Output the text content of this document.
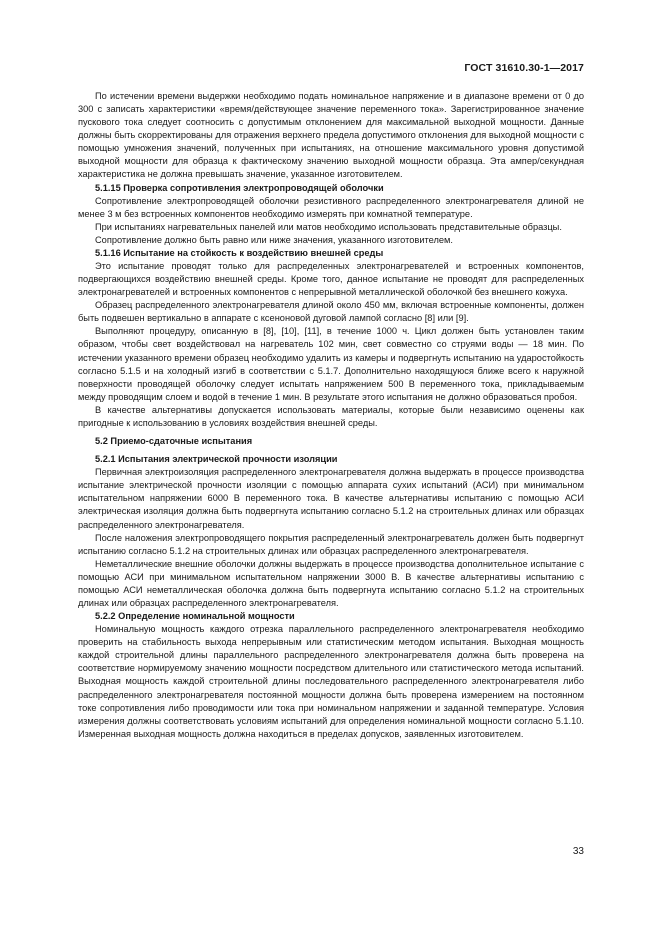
ГОСТ 31610.30-1—2017

По истечении времени выдержки необходимо подать номинальное напряжение и в диапазоне времени от 0 до 300 с записать характеристики «время/действующее значение переменного тока». Зарегистрированное значение пускового тока следует соотносить с допустимым отклонением для максимальной выходной мощности. Данные должны быть скорректированы для отражения верхнего предела допустимого отклонения для выходной мощности с помощью умножения значений, полученных при испытаниях, на отношение максимального уровня допустимой выходной мощности для образца к фактическому значению выходной мощности образца. Эта ампер/секундная характеристика не должна превышать значение, указанное изготовителем.

5.1.15 Проверка сопротивления электропроводящей оболочки

Сопротивление электропроводящей оболочки резистивного распределенного электронагревателя длиной не менее 3 м без встроенных компонентов необходимо измерять при комнатной температуре.

При испытаниях нагревательных панелей или матов необходимо использовать представительные образцы.

Сопротивление должно быть равно или ниже значения, указанного изготовителем.

5.1.16 Испытание на стойкость к воздействию внешней среды

Это испытание проводят только для распределенных электронагревателей и встроенных компонентов, подвергающихся воздействию внешней среды. Кроме того, данное испытание не проводят для распределенных электронагревателей и встроенных компонентов с непрерывной металлической оболочкой без внешнего кожуха.

Образец распределенного электронагревателя длиной около 450 мм, включая встроенные компоненты, должен быть подвешен вертикально в аппарате с ксеноновой дуговой лампой согласно [8] или [9].

Выполняют процедуру, описанную в [8], [10], [11], в течение 1000 ч. Цикл должен быть установлен таким образом, чтобы свет воздействовал на нагреватель 102 мин, свет совместно со струями воды — 18 мин. По истечении указанного времени образец необходимо удалить из камеры и подвергнуть испытанию на ударостойкость согласно 5.1.5 и на холодный изгиб в соответствии с 5.1.7. Дополнительно находящуюся ближе всего к наружной поверхности проводящей оболочку следует испытать напряжением 500 В переменного тока, прикладываемым между проводящим слоем и водой в течение 1 мин. В результате этого испытания не должно образоваться пробоя.

В качестве альтернативы допускается использовать материалы, которые были независимо оценены как пригодные к использованию в условиях воздействия внешней среды.

5.2 Приемо-сдаточные испытания
5.2.1 Испытания электрической прочности изоляции

Первичная электроизоляция распределенного электронагревателя должна выдержать в процессе производства испытание электрической прочности изоляции с помощью аппарата сухих испытаний (АСИ) при минимальном испытательном напряжении 6000 В переменного тока. В качестве альтернативы испытанию с помощью АСИ электрическая изоляция должна быть подвергнута испытанию согласно 5.1.2 на строительных длинах или образцах распределенного электронагревателя.

После наложения электропроводящего покрытия распределенный электронагреватель должен быть подвергнут испытанию согласно 5.1.2 на строительных длинах или образцах распределенного электронагревателя.

Неметаллические внешние оболочки должны выдержать в процессе производства дополнительное испытание с помощью АСИ при минимальном испытательном напряжении 3000 В. В качестве альтернативы испытанию с помощью АСИ неметаллическая оболочка должна быть подвергнута испытанию согласно 5.1.2 на строительных длинах или образцах распределенного электронагревателя.

5.2.2 Определение номинальной мощности

Номинальную мощность каждого отрезка параллельного распределенного электронагревателя необходимо проверить на стабильность выхода непрерывным или статистическим методом испытания. Выходная мощность каждой строительной длины параллельного распределенного электронагревателя должна быть проверена на соответствие нормируемому значению мощности посредством длительного или статистического метода испытаний. Выходная мощность каждой строительной длины последовательного распределенного электронагревателя либо распределенного электронагревателя постоянной мощности должна быть проверена измерением на постоянном токе сопротивления либо проводимости или тока при номинальном напряжении и заданной температуре. Условия измерения должны соответствовать условиям испытаний для определения номинальной мощности согласно 5.1.10. Измеренная выходная мощность должна находиться в пределах допусков, заявленных изготовителем.

33
